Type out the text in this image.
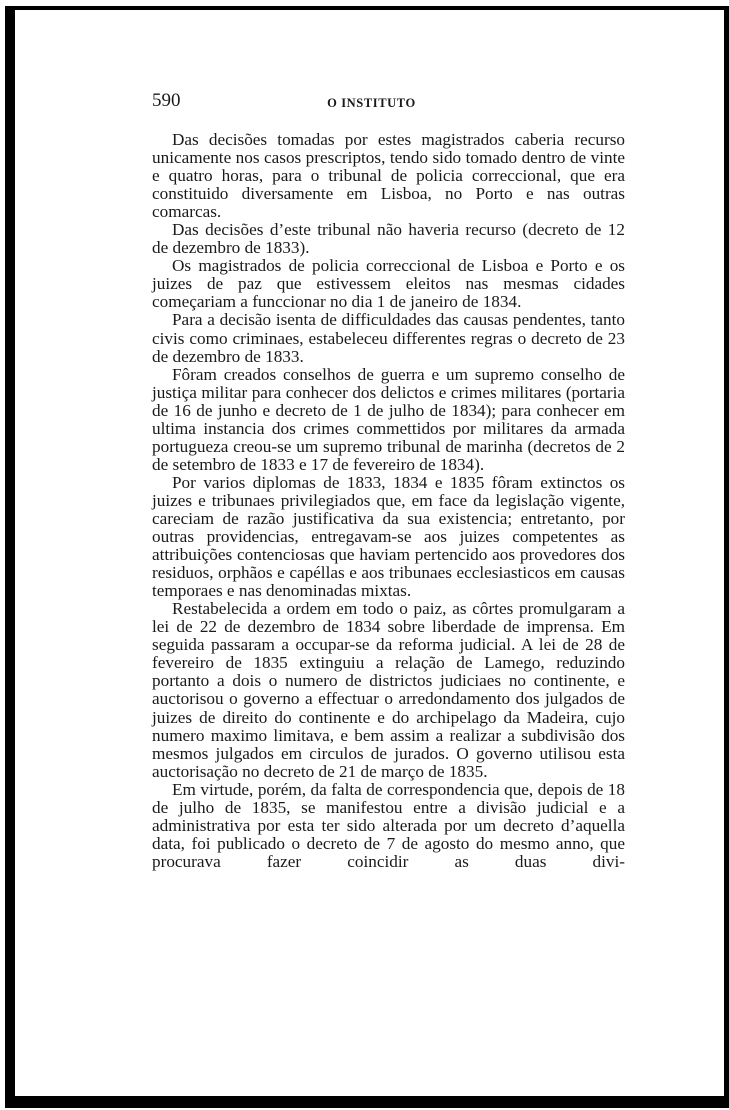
590	O INSTITUTO

Das decisões tomadas por estes magistrados caberia recurso unicamente nos casos prescriptos, tendo sido tomado dentro de vinte e quatro horas, para o tribunal de policia correccional, que era constituido diversamente em Lisboa, no Porto e nas outras comarcas.

Das decisões d’este tribunal não haveria recurso (decreto de 12 de dezembro de 1833).

Os magistrados de policia correccional de Lisboa e Porto e os juizes de paz que estivessem eleitos nas mesmas cidades começariam a funccionar no dia 1 de janeiro de 1834.

Para a decisão isenta de difficuldades das causas pendentes, tanto civis como criminaes, estabeleceu differentes regras o decreto de 23 de dezembro de 1833.

Fôram creados conselhos de guerra e um supremo conselho de justiça militar para conhecer dos delictos e crimes militares (portaria de 16 de junho e decreto de 1 de julho de 1834); para conhecer em ultima instancia dos crimes commettidos por militares da armada portugueza creou-se um supremo tribunal de marinha (decretos de 2 de setembro de 1833 e 17 de fevereiro de 1834).

Por varios diplomas de 1833, 1834 e 1835 fôram extinctos os juizes e tribunaes privilegiados que, em face da legislação vigente, careciam de razão justificativa da sua existencia; entretanto, por outras providencias, entregavam-se aos juizes competentes as attribuições contenciosas que haviam pertencido aos provedores dos residuos, orphãos e capéllas e aos tribunaes ecclesiasticos em causas temporaes e nas denominadas mixtas.

Restabelecida a ordem em todo o paiz, as côrtes promulgaram a lei de 22 de dezembro de 1834 sobre liberdade de imprensa. Em seguida passaram a occupar-se da reforma judicial. A lei de 28 de fevereiro de 1835 extinguiu a relação de Lamego, reduzindo portanto a dois o numero de districtos judiciaes no continente, e auctorisou o governo a effectuar o arredondamento dos julgados de juizes de direito do continente e do archipelago da Madeira, cujo numero maximo limitava, e bem assim a realizar a subdivisão dos mesmos julgados em circulos de jurados. O governo utilisou esta auctorisação no decreto de 21 de março de 1835.

Em virtude, porém, da falta de correspondencia que, depois de 18 de julho de 1835, se manifestou entre a divisão judicial e a administrativa por esta ter sido alterada por um decreto d’aquella data, foi publicado o decreto de 7 de agosto do mesmo anno, que procurava fazer coincidir as duas divi-
